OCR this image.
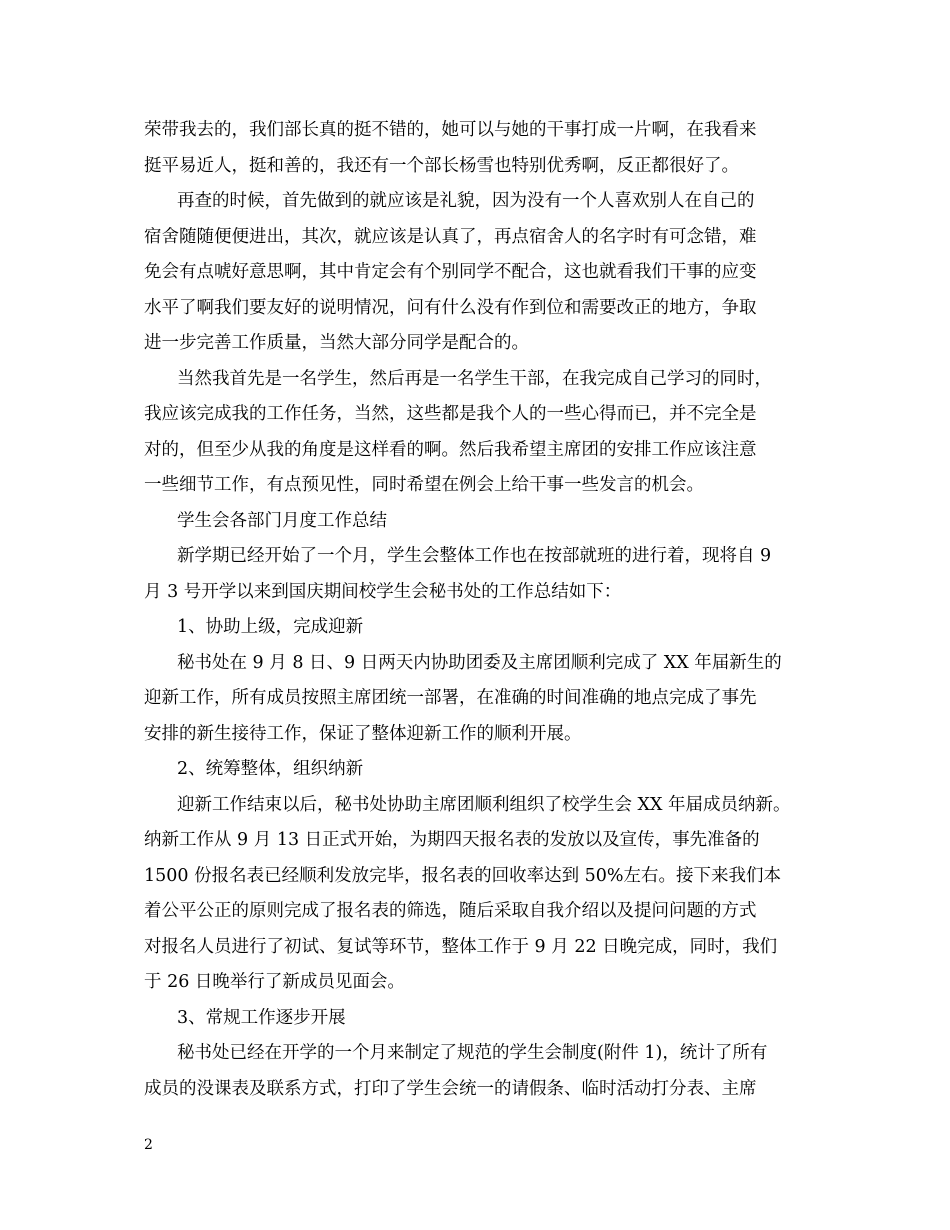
荣带我去的，我们部长真的挺不错的，她可以与她的干事打成一片啊，在我看来
挺平易近人，挺和善的，我还有一个部长杨雪也特别优秀啊，反正都很好了。
再查的时候，首先做到的就应该是礼貌，因为没有一个人喜欢别人在自己的
宿舍随随便便进出，其次，就应该是认真了，再点宿舍人的名字时有可念错，难
免会有点唬好意思啊，其中肯定会有个别同学不配合，这也就看我们干事的应变
水平了啊我们要友好的说明情况，问有什么没有作到位和需要改正的地方，争取
进一步完善工作质量，当然大部分同学是配合的。
当然我首先是一名学生，然后再是一名学生干部，在我完成自己学习的同时，
我应该完成我的工作任务，当然，这些都是我个人的一些心得而已，并不完全是
对的，但至少从我的角度是这样看的啊。然后我希望主席团的安排工作应该注意
一些细节工作，有点预见性，同时希望在例会上给干事一些发言的机会。
学生会各部门月度工作总结
新学期已经开始了一个月，学生会整体工作也在按部就班的进行着，现将自 9
月 3 号开学以来到国庆期间校学生会秘书处的工作总结如下：
1、协助上级，完成迎新
秘书处在 9 月 8 日、9 日两天内协助团委及主席团顺利完成了 XX 年届新生的
迎新工作，所有成员按照主席团统一部署，在准确的时间准确的地点完成了事先
安排的新生接待工作，保证了整体迎新工作的顺利开展。
2、统筹整体，组织纳新
迎新工作结束以后，秘书处协助主席团顺利组织了校学生会 XX 年届成员纳新。
纳新工作从 9 月 13 日正式开始，为期四天报名表的发放以及宣传，事先准备的
1500 份报名表已经顺利发放完毕，报名表的回收率达到 50%左右。接下来我们本
着公平公正的原则完成了报名表的筛选，随后采取自我介绍以及提问问题的方式
对报名人员进行了初试、复试等环节，整体工作于 9 月 22 日晚完成，同时，我们
于 26 日晚举行了新成员见面会。
3、常规工作逐步开展
秘书处已经在开学的一个月来制定了规范的学生会制度(附件 1)，统计了所有
成员的没课表及联系方式，打印了学生会统一的请假条、临时活动打分表、主席
2
